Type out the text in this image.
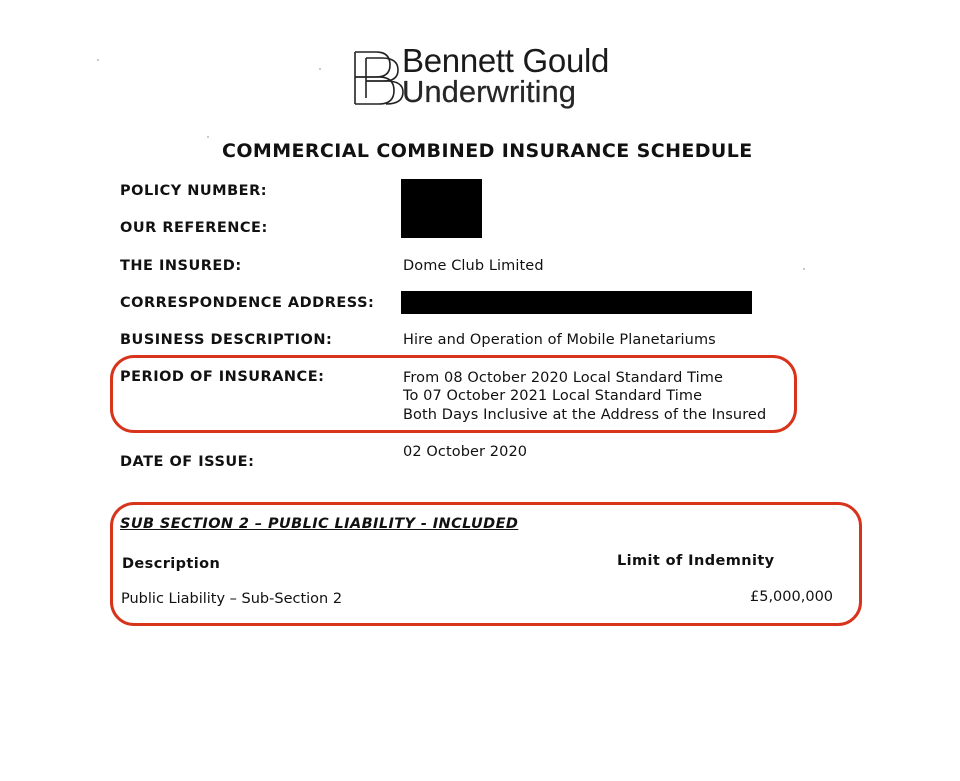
Bennett Gould
Underwriting
COMMERCIAL COMBINED INSURANCE SCHEDULE
POLICY NUMBER:
OUR REFERENCE:
THE INSURED:	Dome Club Limited
CORRESPONDENCE ADDRESS:
BUSINESS DESCRIPTION:	Hire and Operation of Mobile Planetariums
PERIOD OF INSURANCE:	From 08 October 2020 Local Standard Time
To 07 October 2021 Local Standard Time
Both Days Inclusive at the Address of the Insured
DATE OF ISSUE:
02 October 2020
SUB SECTION 2 – PUBLIC LIABILITY - INCLUDED
Description	Limit of Indemnity
Public Liability – Sub-Section 2	£5,000,000
